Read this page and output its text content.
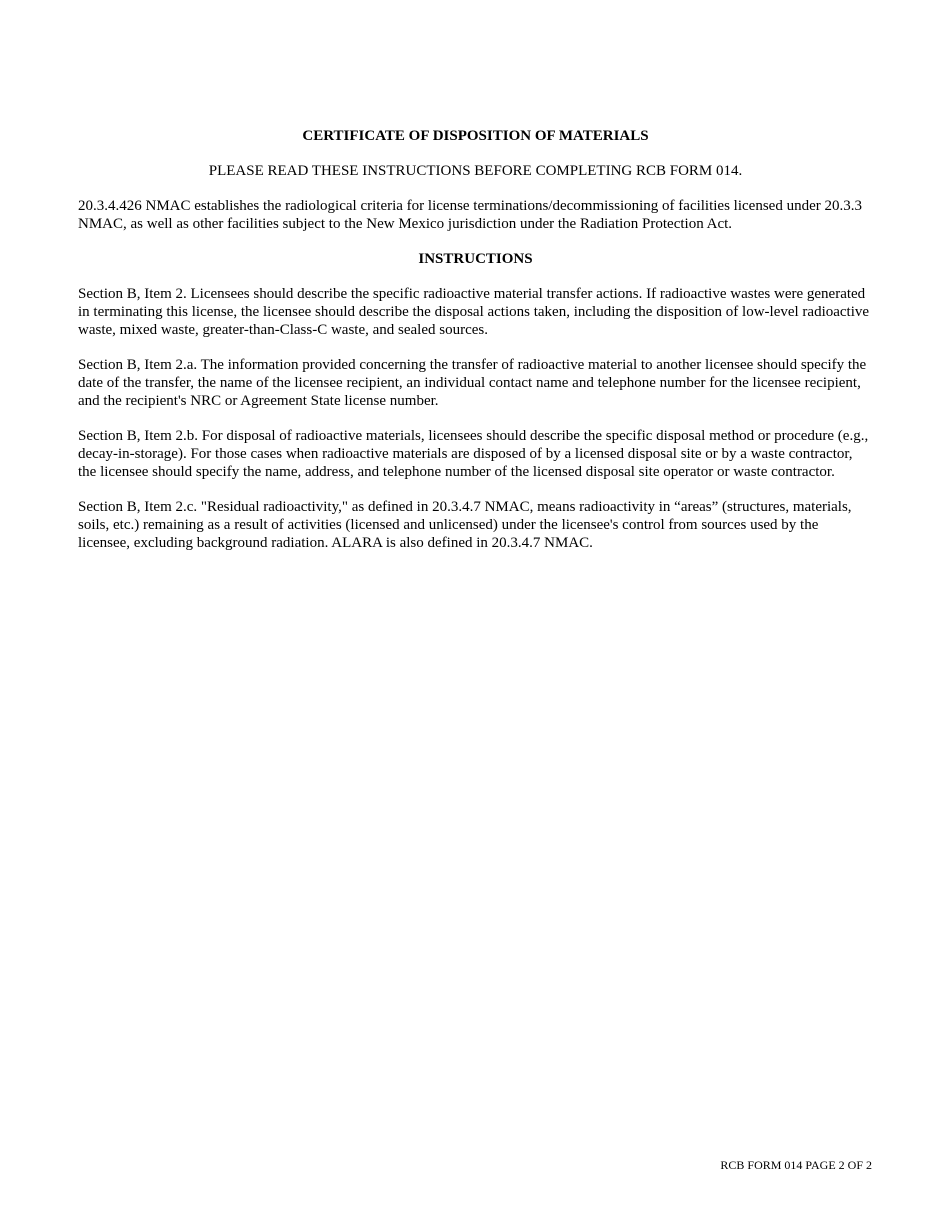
CERTIFICATE OF DISPOSITION OF MATERIALS

PLEASE READ THESE INSTRUCTIONS BEFORE COMPLETING RCB FORM 014.

20.3.4.426 NMAC establishes the radiological criteria for license terminations/decommissioning of facilities licensed under 20.3.3 NMAC, as well as other facilities subject to the New Mexico jurisdiction under the Radiation Protection Act.

INSTRUCTIONS

Section B, Item 2. Licensees should describe the specific radioactive material transfer actions. If radioactive wastes were generated in terminating this license, the licensee should describe the disposal actions taken, including the disposition of low-level radioactive waste, mixed waste, greater-than-Class-C waste, and sealed sources.

Section B, Item 2.a. The information provided concerning the transfer of radioactive material to another licensee should specify the date of the transfer, the name of the licensee recipient, an individual contact name and telephone number for the licensee recipient, and the recipient's NRC or Agreement State license number.

Section B, Item 2.b. For disposal of radioactive materials, licensees should describe the specific disposal method or procedure (e.g., decay-in-storage). For those cases when radioactive materials are disposed of by a licensed disposal site or by a waste contractor, the licensee should specify the name, address, and telephone number of the licensed disposal site operator or waste contractor.

Section B, Item 2.c. "Residual radioactivity," as defined in 20.3.4.7 NMAC, means radioactivity in “areas” (structures, materials, soils, etc.) remaining as a result of activities (licensed and unlicensed) under the licensee's control from sources used by the licensee, excluding background radiation. ALARA is also defined in 20.3.4.7 NMAC.

RCB FORM 014 PAGE 2 OF 2
